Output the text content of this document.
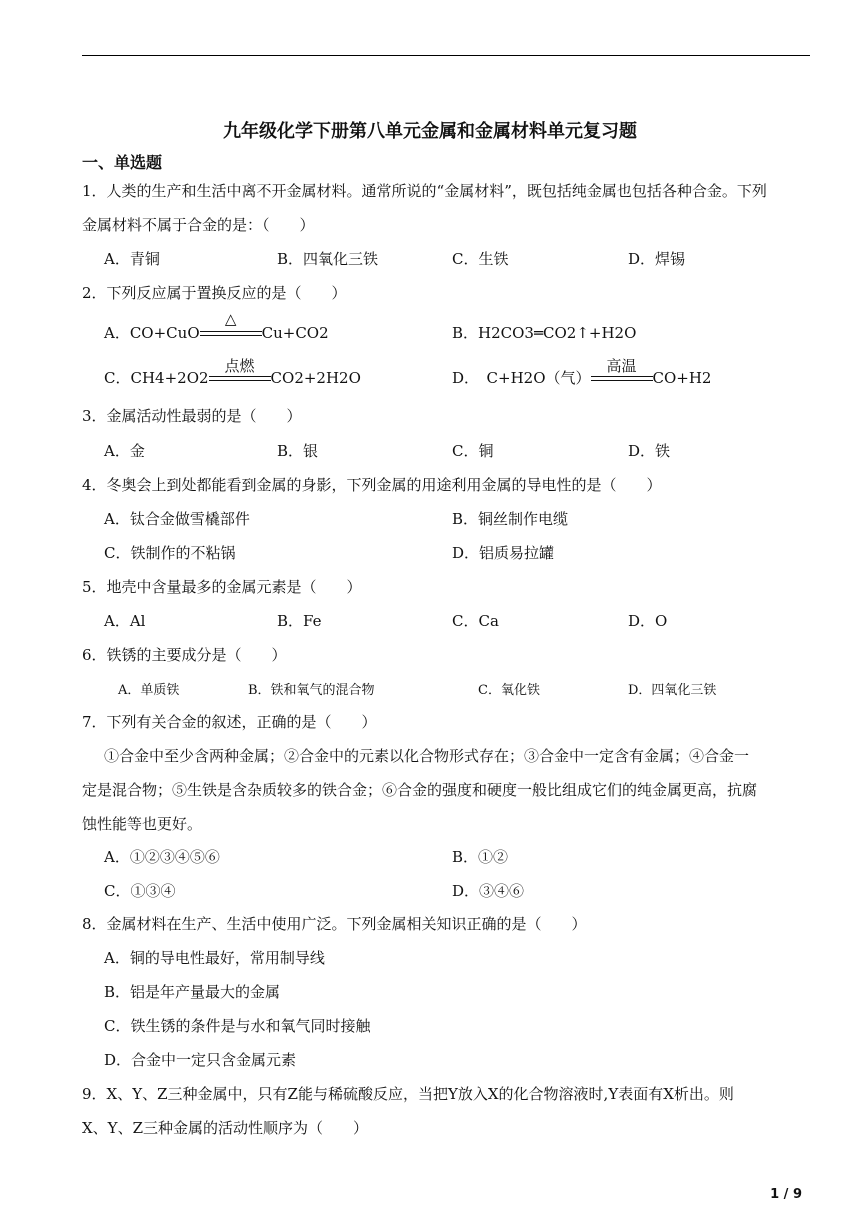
九年级化学下册第八单元金属和金属材料单元复习题
一、单选题
1．人类的生产和生活中离不开金属材料。通常所说的“金属材料”，既包括纯金属也包括各种合金。下列
金属材料不属于合金的是：（　　）
A．青铜	B．四氧化三铁	C．生铁	D．焊锡
2．下列反应属于置换反应的是（　　）
A．CO+CuO
△
Cu+CO2	B．H2CO3═CO2↑+H2O
C．CH4+2O2
点燃
CO2+2H2O	D．　C+H2O（气）
高温
CO+H2
3．金属活动性最弱的是（　　）
A．金	B．银	C．铜	D．铁
4．冬奥会上到处都能看到金属的身影，下列金属的用途利用金属的导电性的是（　　）
A．钛合金做雪橇部件	B．铜丝制作电缆
C．铁制作的不粘锅	D．铝质易拉罐
5．地壳中含量最多的金属元素是（　　）
A．Al	B．Fe	C．Ca	D．O
6．铁锈的主要成分是（　　）
A．单质铁	B．铁和氧气的混合物	C．氧化铁	D．四氧化三铁
7．下列有关合金的叙述，正确的是（　　）
①合金中至少含两种金属；②合金中的元素以化合物形式存在；③合金中一定含有金属；④合金一
定是混合物；⑤生铁是含杂质较多的铁合金；⑥合金的强度和硬度一般比组成它们的纯金属更高，抗腐
蚀性能等也更好。
A．①②③④⑤⑥	B．①②
C．①③④	D．③④⑥
8．金属材料在生产、生活中使用广泛。下列金属相关知识正确的是（　　）
A．铜的导电性最好，常用制导线
B．铝是年产量最大的金属
C．铁生锈的条件是与水和氧气同时接触
D．合金中一定只含金属元素
9．X、Y、Z三种金属中，只有Z能与稀硫酸反应，当把Y放入X的化合物溶液时,Y表面有X析出。则
X、Y、Z三种金属的活动性顺序为（　　）
1 / 9
